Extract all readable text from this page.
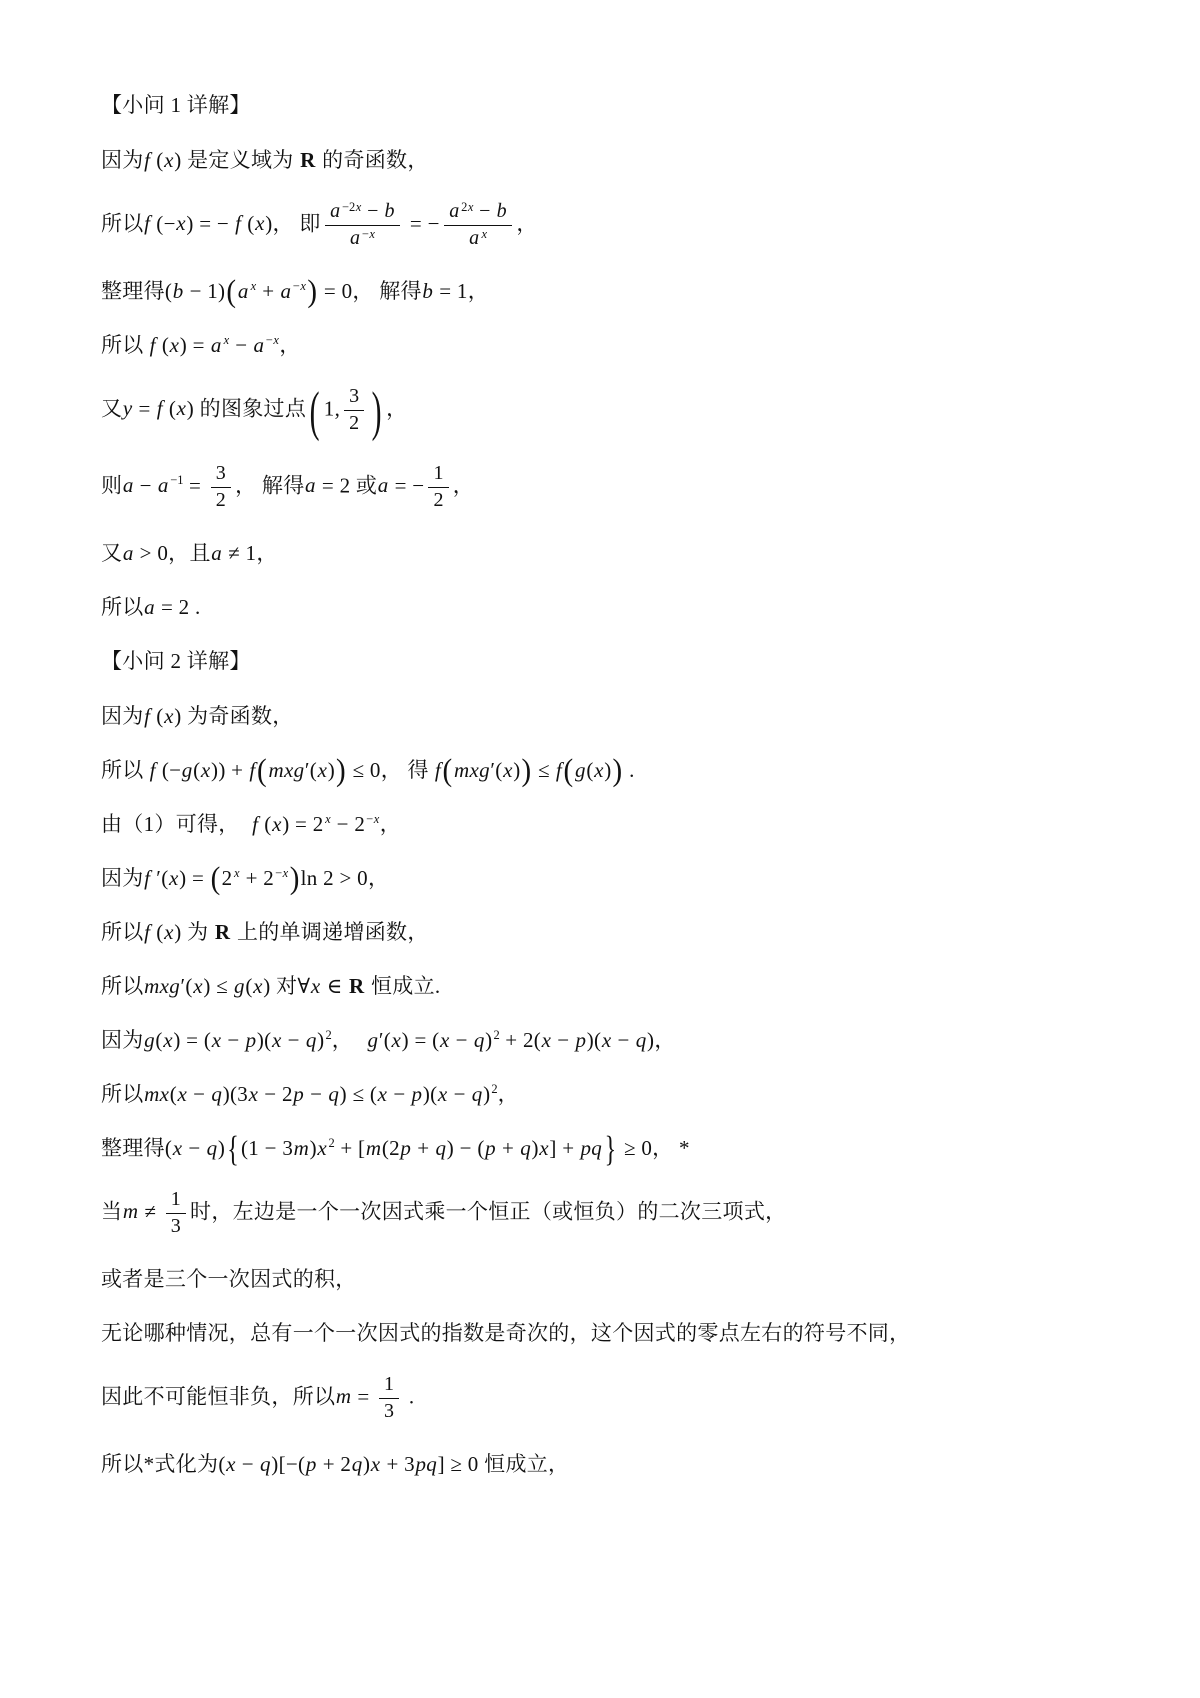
【小问 1 详解】
因为f (x) 是定义域为 R 的奇函数，
所以f (−x) = − f (x)， 即 $\frac{a ^{-2x} - b}{a ^{-x}}$ = − $\frac{a ^{2x} - b}{a ^x}$ ，
整理得(b − 1)(a $^x$ + a $^{-x}$) = 0， 解得b = 1，
所以 f (x) = a $^x$ − a $^{-x}$，
又y = f (x) 的图象过点 ( 1, $\frac{3}{2}$ ) ，
则a − a $^{-1} = \frac{3}{2}$ ， 解得a = 2 或a = − $\frac{1}{2}$ ，
又a > 0，且a ≠ 1，
所以a = 2 .
【小问 2 详解】
因为f (x) 为奇函数，
所以 f (−g(x)) + f(mxg′(x)) ≤ 0， 得 f(mxg′(x)) ≤ f(g(x)) .
由（1）可得， f (x) = 2 $^x - 2^{-x}$，
因为f ′(x) = (2 $^x + 2^{-x})\ln$ 2 > 0，
所以f (x) 为 R 上的单调递增函数，
所以mxg′(x) ≤ g(x) 对∀x ∈ R 恒成立.
因为$g(x) = (x - p)(x - q)^2$， $g'(x) = (x - q)^2 + 2(x - p)(x - q)$，
所以$mx(x - q)(3x - 2p - q) \le (x - p)(x - q)^2$，
整理得(x − q){(1 − 3m)x $^2$ + [m(2p + q) − (p + q)x] + pq } ≥ 0， *
当$m \ne \frac{1}{3}$ 时，左边是一个一次因式乘一个恒正（或恒负）的二次三项式，
或者是三个一次因式的积，
无论哪种情况，总有一个一次因式的指数是奇次的，这个因式的零点左右的符号不同，
因此不可能恒非负，所以$m = \frac{1}{3}$ .
所以*式化为(x − q)[−(p + 2q)x + 3pq] ≥ 0 恒成立，
